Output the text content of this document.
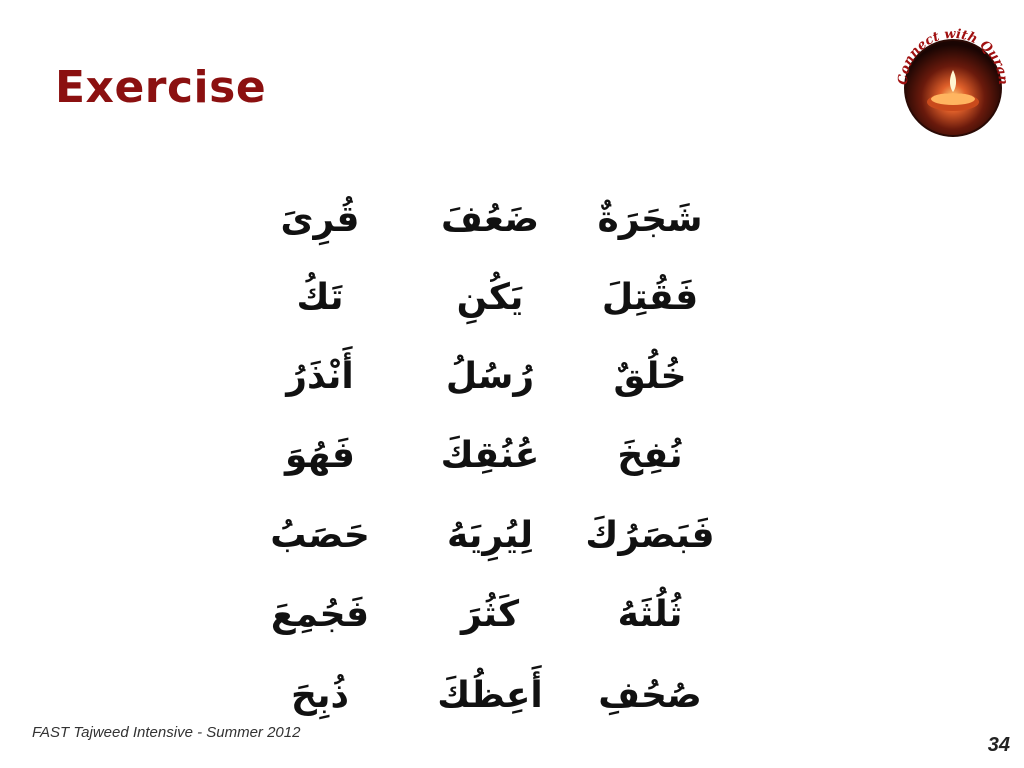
Exercise	Connect with Quran
شَجَرَةٌ
ضَعُفَ
قُرِىَ
فَقُتِلَ
يَكُنِ
تَكُ
خُلُقٌ
رُسُلُ
أَنْذَرُ
نُفِخَ
عُنُقِكَ
فَهُوَ
فَبَصَرُكَ
لِيُرِيَهُ
حَصَبُ
ثُلُثَهُ
كَثُرَ
فَجُمِعَ
صُحُفِ
أَعِظُكَ
ذُبِحَ
FAST Tajweed Intensive - Summer 2012
34
